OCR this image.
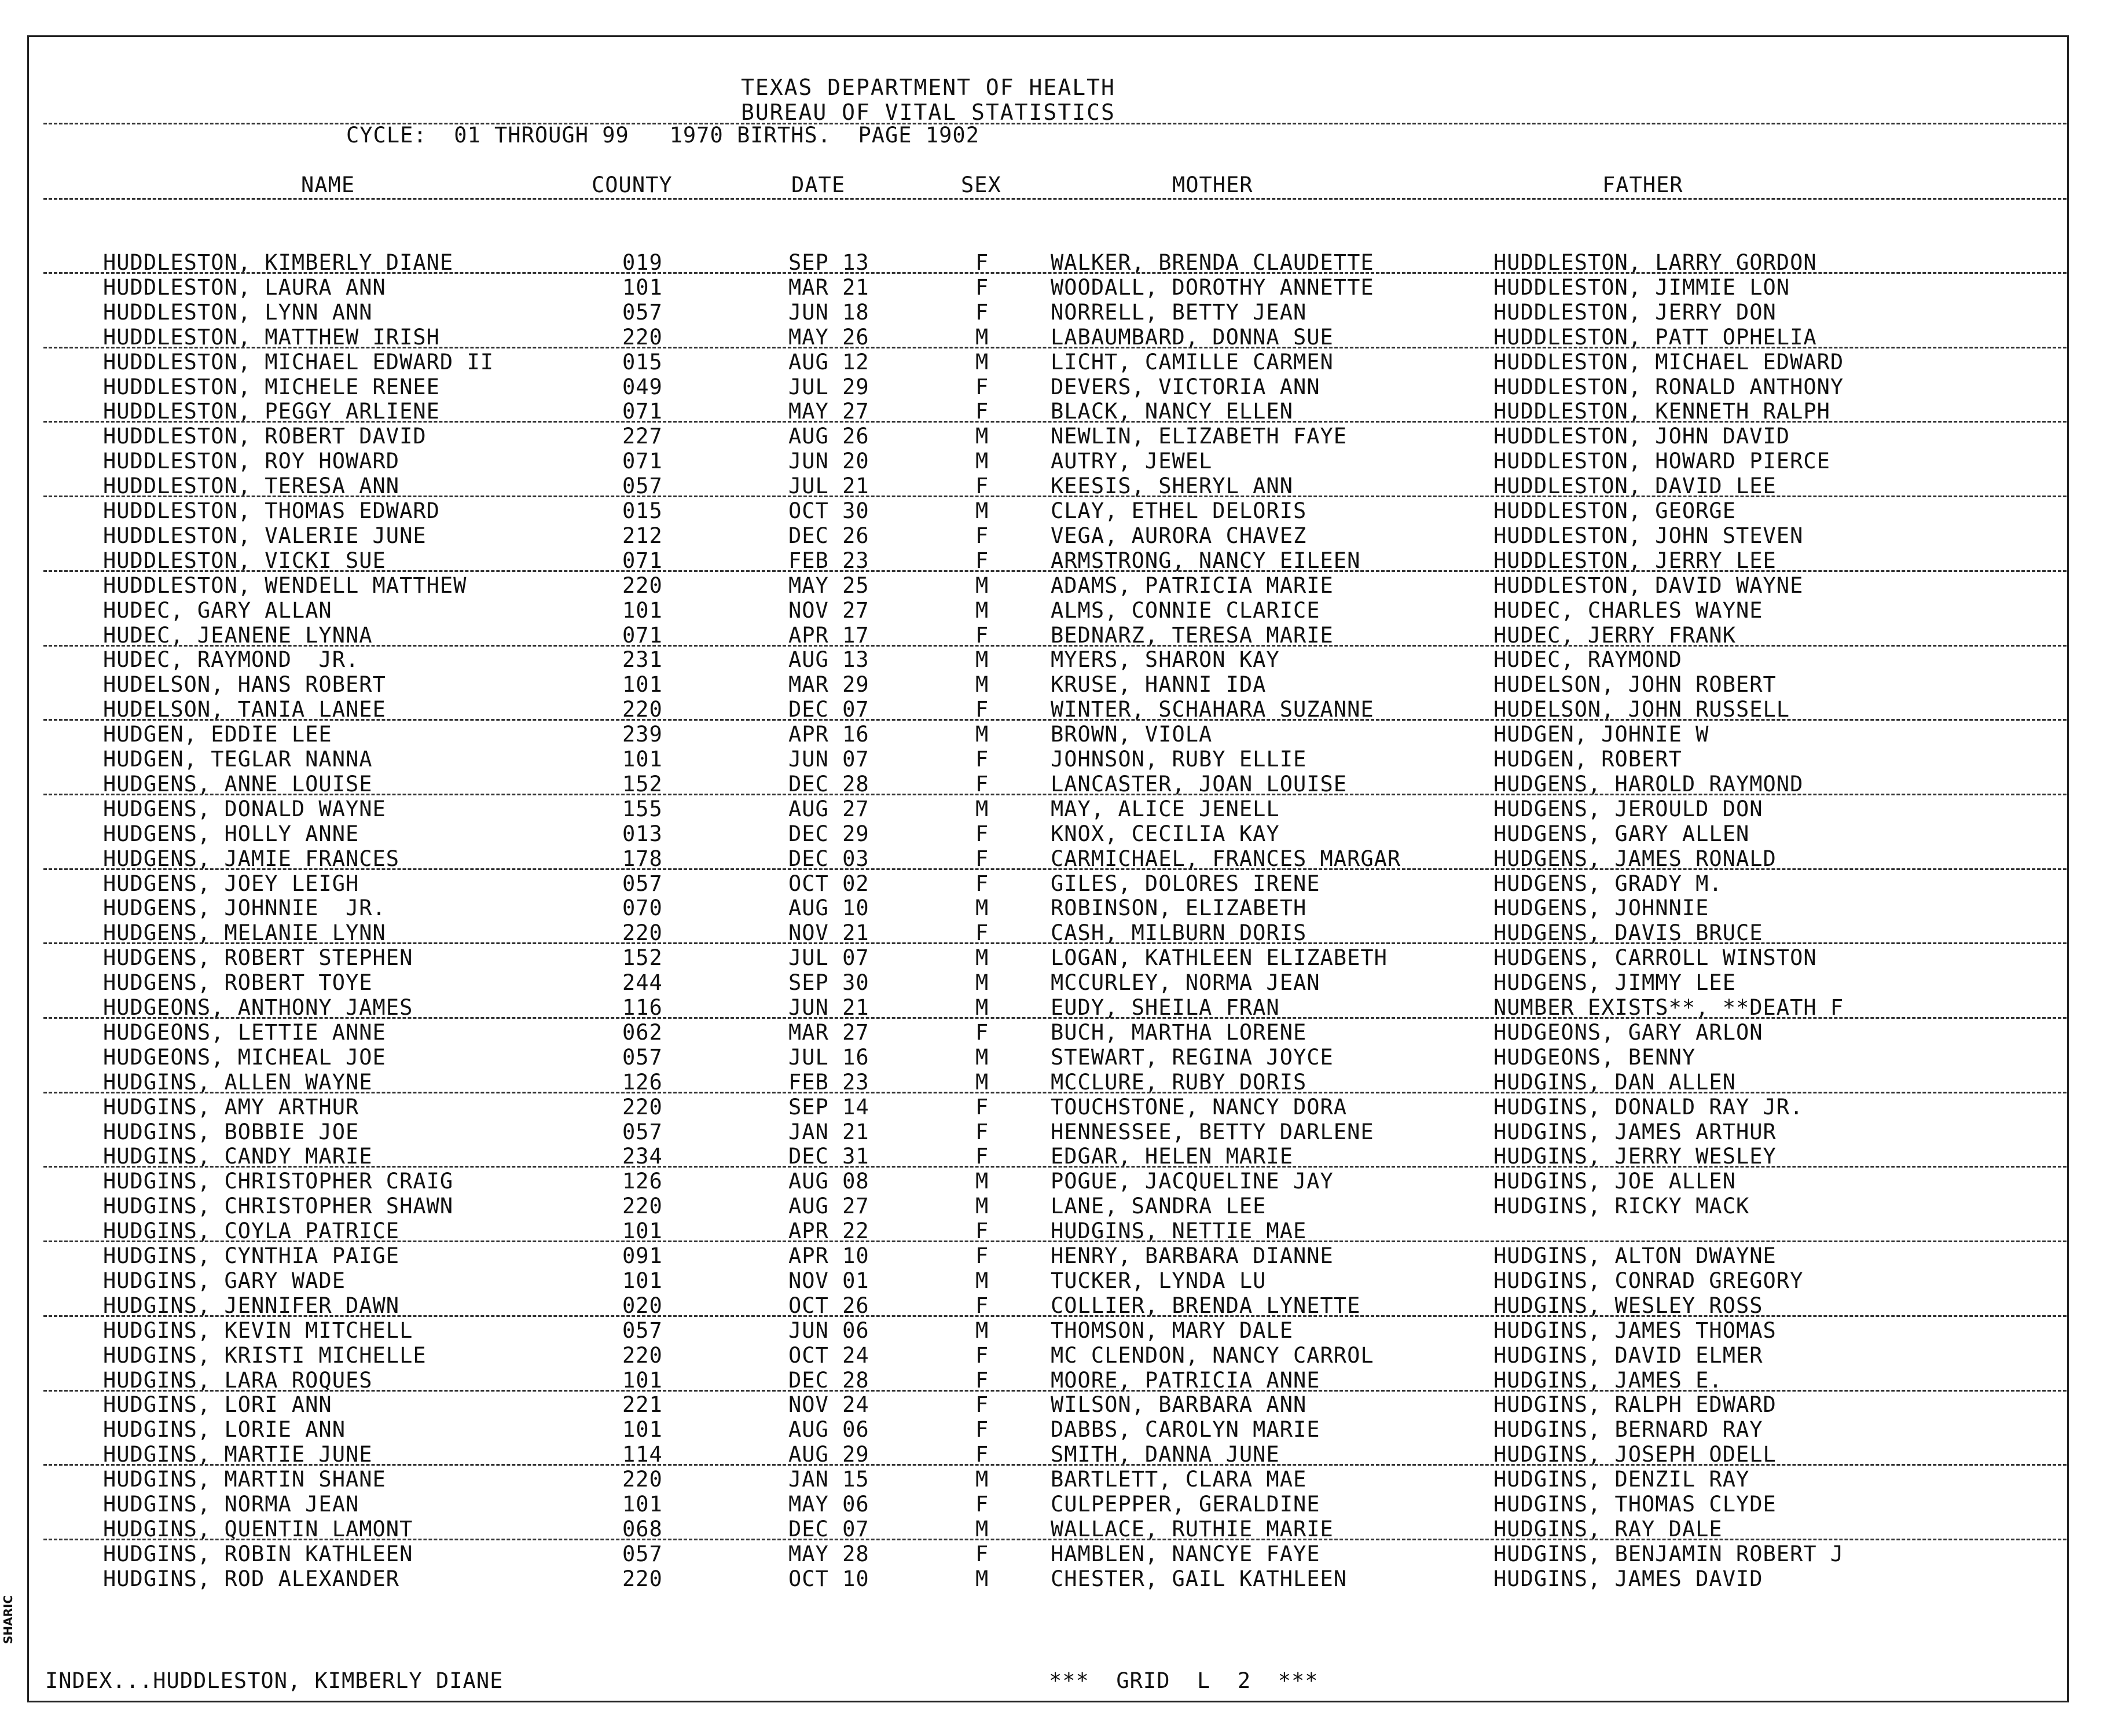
TEXAS DEPARTMENT OF HEALTH
BUREAU OF VITAL STATISTICS
CYCLE:  01 THROUGH 99   1970 BIRTHS.  PAGE 1902
NAME	COUNTY	DATE	SEX	MOTHER	FATHER
HUDDLESTON, KIMBERLY DIANE	019	SEP 13	F	WALKER, BRENDA CLAUDETTE	HUDDLESTON, LARRY GORDON
HUDDLESTON, LAURA ANN	101	MAR 21	F	WOODALL, DOROTHY ANNETTE	HUDDLESTON, JIMMIE LON
HUDDLESTON, LYNN ANN	057	JUN 18	F	NORRELL, BETTY JEAN	HUDDLESTON, JERRY DON
HUDDLESTON, MATTHEW IRISH	220	MAY 26	M	LABAUMBARD, DONNA SUE	HUDDLESTON, PATT OPHELIA
HUDDLESTON, MICHAEL EDWARD II	015	AUG 12	M	LICHT, CAMILLE CARMEN	HUDDLESTON, MICHAEL EDWARD
HUDDLESTON, MICHELE RENEE	049	JUL 29	F	DEVERS, VICTORIA ANN	HUDDLESTON, RONALD ANTHONY
HUDDLESTON, PEGGY ARLIENE	071	MAY 27	F	BLACK, NANCY ELLEN	HUDDLESTON, KENNETH RALPH
HUDDLESTON, ROBERT DAVID	227	AUG 26	M	NEWLIN, ELIZABETH FAYE	HUDDLESTON, JOHN DAVID
HUDDLESTON, ROY HOWARD	071	JUN 20	M	AUTRY, JEWEL	HUDDLESTON, HOWARD PIERCE
HUDDLESTON, TERESA ANN	057	JUL 21	F	KEESIS, SHERYL ANN	HUDDLESTON, DAVID LEE
HUDDLESTON, THOMAS EDWARD	015	OCT 30	M	CLAY, ETHEL DELORIS	HUDDLESTON, GEORGE
HUDDLESTON, VALERIE JUNE	212	DEC 26	F	VEGA, AURORA CHAVEZ	HUDDLESTON, JOHN STEVEN
HUDDLESTON, VICKI SUE	071	FEB 23	F	ARMSTRONG, NANCY EILEEN	HUDDLESTON, JERRY LEE
HUDDLESTON, WENDELL MATTHEW	220	MAY 25	M	ADAMS, PATRICIA MARIE	HUDDLESTON, DAVID WAYNE
HUDEC, GARY ALLAN	101	NOV 27	M	ALMS, CONNIE CLARICE	HUDEC, CHARLES WAYNE
HUDEC, JEANENE LYNNA	071	APR 17	F	BEDNARZ, TERESA MARIE	HUDEC, JERRY FRANK
HUDEC, RAYMOND  JR.	231	AUG 13	M	MYERS, SHARON KAY	HUDEC, RAYMOND
HUDELSON, HANS ROBERT	101	MAR 29	M	KRUSE, HANNI IDA	HUDELSON, JOHN ROBERT
HUDELSON, TANIA LANEE	220	DEC 07	F	WINTER, SCHAHARA SUZANNE	HUDELSON, JOHN RUSSELL
HUDGEN, EDDIE LEE	239	APR 16	M	BROWN, VIOLA	HUDGEN, JOHNIE W
HUDGEN, TEGLAR NANNA	101	JUN 07	F	JOHNSON, RUBY ELLIE	HUDGEN, ROBERT
HUDGENS, ANNE LOUISE	152	DEC 28	F	LANCASTER, JOAN LOUISE	HUDGENS, HAROLD RAYMOND
HUDGENS, DONALD WAYNE	155	AUG 27	M	MAY, ALICE JENELL	HUDGENS, JEROULD DON
HUDGENS, HOLLY ANNE	013	DEC 29	F	KNOX, CECILIA KAY	HUDGENS, GARY ALLEN
HUDGENS, JAMIE FRANCES	178	DEC 03	F	CARMICHAEL, FRANCES MARGAR	HUDGENS, JAMES RONALD
HUDGENS, JOEY LEIGH	057	OCT 02	F	GILES, DOLORES IRENE	HUDGENS, GRADY M.
HUDGENS, JOHNNIE  JR.	070	AUG 10	M	ROBINSON, ELIZABETH	HUDGENS, JOHNNIE
HUDGENS, MELANIE LYNN	220	NOV 21	F	CASH, MILBURN DORIS	HUDGENS, DAVIS BRUCE
HUDGENS, ROBERT STEPHEN	152	JUL 07	M	LOGAN, KATHLEEN ELIZABETH	HUDGENS, CARROLL WINSTON
HUDGENS, ROBERT TOYE	244	SEP 30	M	MCCURLEY, NORMA JEAN	HUDGENS, JIMMY LEE
HUDGEONS, ANTHONY JAMES	116	JUN 21	M	EUDY, SHEILA FRAN	NUMBER EXISTS**, **DEATH F
HUDGEONS, LETTIE ANNE	062	MAR 27	F	BUCH, MARTHA LORENE	HUDGEONS, GARY ARLON
HUDGEONS, MICHEAL JOE	057	JUL 16	M	STEWART, REGINA JOYCE	HUDGEONS, BENNY
HUDGINS, ALLEN WAYNE	126	FEB 23	M	MCCLURE, RUBY DORIS	HUDGINS, DAN ALLEN
HUDGINS, AMY ARTHUR	220	SEP 14	F	TOUCHSTONE, NANCY DORA	HUDGINS, DONALD RAY JR.
HUDGINS, BOBBIE JOE	057	JAN 21	F	HENNESSEE, BETTY DARLENE	HUDGINS, JAMES ARTHUR
HUDGINS, CANDY MARIE	234	DEC 31	F	EDGAR, HELEN MARIE	HUDGINS, JERRY WESLEY
HUDGINS, CHRISTOPHER CRAIG	126	AUG 08	M	POGUE, JACQUELINE JAY	HUDGINS, JOE ALLEN
HUDGINS, CHRISTOPHER SHAWN	220	AUG 27	M	LANE, SANDRA LEE	HUDGINS, RICKY MACK
HUDGINS, COYLA PATRICE	101	APR 22	F	HUDGINS, NETTIE MAE
HUDGINS, CYNTHIA PAIGE	091	APR 10	F	HENRY, BARBARA DIANNE	HUDGINS, ALTON DWAYNE
HUDGINS, GARY WADE	101	NOV 01	M	TUCKER, LYNDA LU	HUDGINS, CONRAD GREGORY
HUDGINS, JENNIFER DAWN	020	OCT 26	F	COLLIER, BRENDA LYNETTE	HUDGINS, WESLEY ROSS
HUDGINS, KEVIN MITCHELL	057	JUN 06	M	THOMSON, MARY DALE	HUDGINS, JAMES THOMAS
HUDGINS, KRISTI MICHELLE	220	OCT 24	F	MC CLENDON, NANCY CARROL	HUDGINS, DAVID ELMER
HUDGINS, LARA ROQUES	101	DEC 28	F	MOORE, PATRICIA ANNE	HUDGINS, JAMES E.
HUDGINS, LORI ANN	221	NOV 24	F	WILSON, BARBARA ANN	HUDGINS, RALPH EDWARD
HUDGINS, LORIE ANN	101	AUG 06	F	DABBS, CAROLYN MARIE	HUDGINS, BERNARD RAY
HUDGINS, MARTIE JUNE	114	AUG 29	F	SMITH, DANNA JUNE	HUDGINS, JOSEPH ODELL
HUDGINS, MARTIN SHANE	220	JAN 15	M	BARTLETT, CLARA MAE	HUDGINS, DENZIL RAY
HUDGINS, NORMA JEAN	101	MAY 06	F	CULPEPPER, GERALDINE	HUDGINS, THOMAS CLYDE
HUDGINS, QUENTIN LAMONT	068	DEC 07	M	WALLACE, RUTHIE MARIE	HUDGINS, RAY DALE
HUDGINS, ROBIN KATHLEEN	057	MAY 28	F	HAMBLEN, NANCYE FAYE	HUDGINS, BENJAMIN ROBERT J
HUDGINS, ROD ALEXANDER	220	OCT 10	M	CHESTER, GAIL KATHLEEN	HUDGINS, JAMES DAVID
INDEX...HUDDLESTON, KIMBERLY DIANE	***  GRID  L  2  ***
SHARIC
